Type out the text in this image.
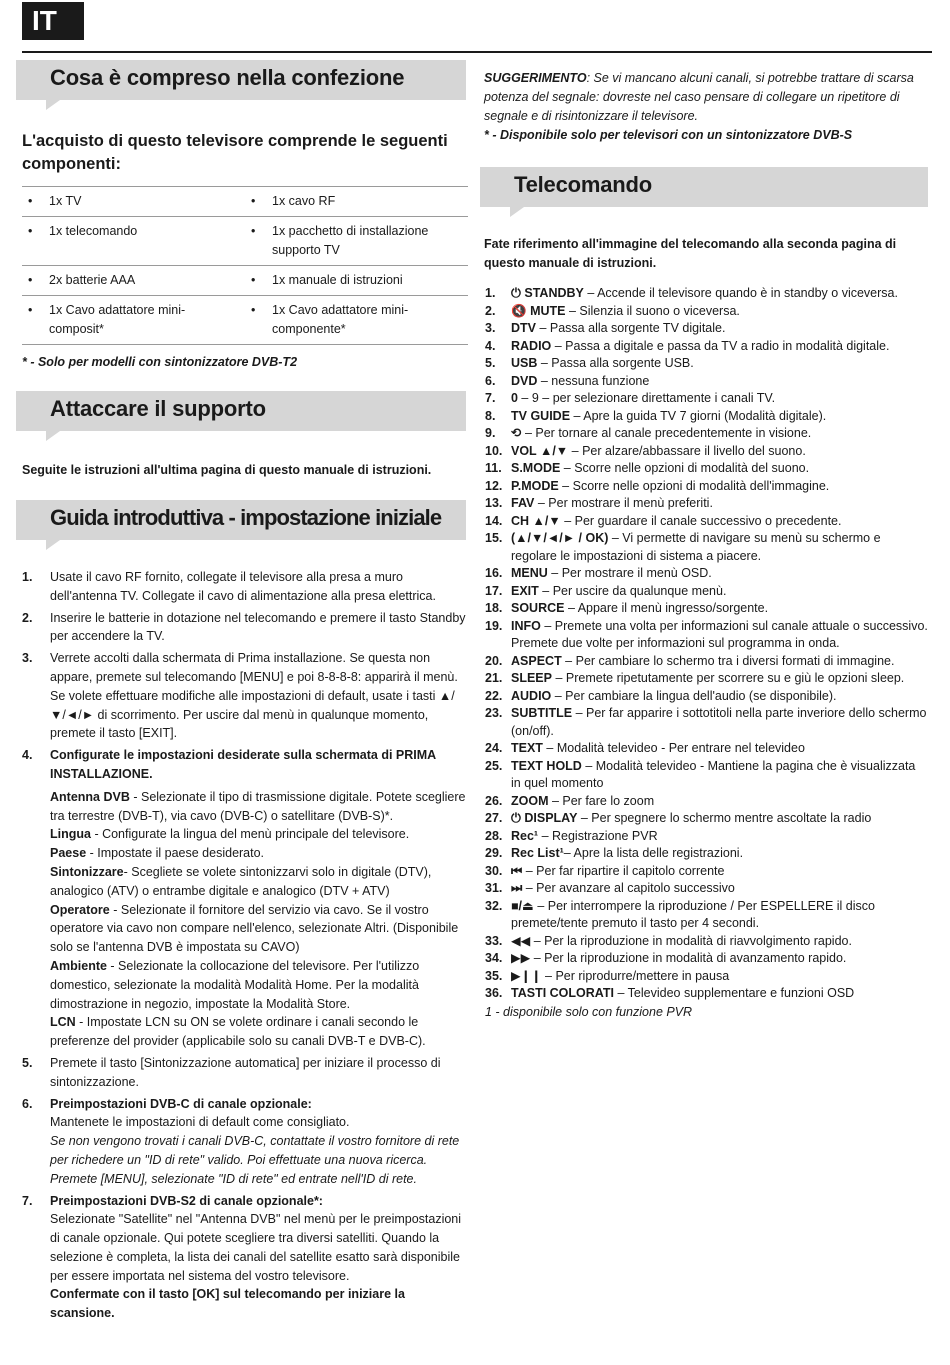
IT
Cosa è compreso nella confezione
L'acquisto di questo televisore comprende le seguenti componenti:
• 1x TV	• 1x cavo RF
• 1x telecomando	• 1x pacchetto di installazione supporto TV
• 2x batterie AAA	• 1x manuale di istruzioni
• 1x Cavo adattatore mini-composit*	• 1x Cavo adattatore mini-componente*
* - Solo per modelli con sintonizzatore DVB-T2
Attaccare il supporto
Seguite le istruzioni all'ultima pagina di questo manuale di istruzioni.
Guida introduttiva - impostazione iniziale
1. Usate il cavo RF fornito, collegate il televisore alla presa a muro dell'antenna TV. Collegate il cavo di alimentazione alla presa elettrica.
2. Inserire le batterie in dotazione nel telecomando e premere il tasto Standby per accendere la TV.
3. Verrete accolti dalla schermata di Prima installazione. Se questa non appare, premete sul telecomando [MENU] e poi 8-8-8-8: apparirà il menù. Se volete effettuare modifiche alle impostazioni di default, usate i tasti ▲/▼/◄/► di scorrimento. Per uscire dal menù in qualunque momento, premete il tasto [EXIT].
4. Configurate le impostazioni desiderate sulla schermata di PRIMA INSTALLAZIONE.
Antenna DVB - Selezionate il tipo di trasmissione digitale. Potete scegliere tra terrestre (DVB-T), via cavo (DVB-C) o satellitare (DVB-S)*.
Lingua - Configurate la lingua del menù principale del televisore.
Paese - Impostate il paese desiderato.
Sintonizzare- Scegliete se volete sintonizzarvi solo in digitale (DTV), analogico (ATV) o entrambe digitale e analogico (DTV + ATV)
Operatore - Selezionate il fornitore del servizio via cavo. Se il vostro operatore via cavo non compare nell'elenco, selezionate Altri. (Disponibile solo se l'antenna DVB è impostata su CAVO)
Ambiente - Selezionate la collocazione del televisore. Per l'utilizzo domestico, selezionate la modalità Modalità Home. Per la modalità dimostrazione in negozio, impostate la Modalità Store.
LCN - Impostate LCN su ON se volete ordinare i canali secondo le preferenze del provider (applicabile solo su canali DVB-T e DVB-C).
5. Premete il tasto [Sintonizzazione automatica] per iniziare il processo di sintonizzazione.
6. Preimpostazioni DVB-C di canale opzionale:
Mantenete le impostazioni di default come consigliato.
Se non vengono trovati i canali DVB-C, contattate il vostro fornitore di rete per richedere un "ID di rete" valido. Poi effettuate una nuova ricerca. Premete [MENU], selezionate "ID di rete" ed entrate nell'ID di rete.
7. Preimpostazioni DVB-S2 di canale opzionale*:
Selezionate "Satellite" nel "Antenna DVB" nel menù per le preimpostazioni di canale opzionale. Qui potete scegliere tra diversi satelliti. Quando la selezione è completa, la lista dei canali del satellite esatto sarà disponibile per essere importata nel sistema del vostro televisore.
Confermate con il tasto [OK] sul telecomando per iniziare la scansione.
SUGGERIMENTO: Se vi mancano alcuni canali, si potrebbe trattare di scarsa potenza del segnale: dovreste nel caso pensare di collegare un ripetitore di segnale e di risintonizzare il televisore.
* - Disponibile solo per televisori con un sintonizzatore DVB-S
Telecomando
Fate riferimento all'immagine del telecomando alla seconda pagina di questo manuale di istruzioni.
1. ⏻ STANDBY – Accende il televisore quando è in standby o viceversa.
2. 🔇 MUTE – Silenzia il suono o viceversa.
3. DTV – Passa alla sorgente TV digitale.
4. RADIO – Passa a digitale e passa da TV a radio in modalità digitale.
5. USB – Passa alla sorgente USB.
6. DVD – nessuna funzione
7. 0 – 9 – per selezionare direttamente i canali TV.
8. TV GUIDE – Apre la guida TV 7 giorni (Modalità digitale).
9. ⟲ – Per tornare al canale precedentemente in visione.
10. VOL ▲/▼ – Per alzare/abbassare il livello del suono.
11. S.MODE – Scorre nelle opzioni di modalità del suono.
12. P.MODE – Scorre nelle opzioni di modalità dell'immagine.
13. FAV – Per mostrare il menù preferiti.
14. CH ▲/▼ – Per guardare il canale successivo o precedente.
15. (▲/▼/◄/► / OK) – Vi permette di navigare su menù su schermo e regolare le impostazioni di sistema a piacere.
16. MENU – Per mostrare il menù OSD.
17. EXIT – Per uscire da qualunque menù.
18. SOURCE – Appare il menù ingresso/sorgente.
19. INFO – Premete una volta per informazioni sul canale attuale o successivo. Premete due volte per informazioni sul programma in onda.
20. ASPECT – Per cambiare lo schermo tra i diversi formati di immagine.
21. SLEEP – Premete ripetutamente per scorrere su e giù le opzioni sleep.
22. AUDIO – Per cambiare la lingua dell'audio (se disponibile).
23. SUBTITLE – Per far apparire i sottotitoli nella parte inveriore dello schermo (on/off).
24. TEXT – Modalità televideo - Per entrare nel televideo
25. TEXT HOLD – Modalità televideo - Mantiene la pagina che è visualizzata in quel momento
26. ZOOM – Per fare lo zoom
27. ⏻ DISPLAY – Per spegnere lo schermo mentre ascoltate la radio
28. Rec¹ – Registrazione PVR
29. Rec List¹– Apre la lista delle registrazioni.
30. ⏮ – Per far ripartire il capitolo corrente
31. ⏭ – Per avanzare al capitolo successivo
32. ■/⏏ – Per interrompere la riproduzione / Per ESPELLERE il disco premete/tente premuto il tasto per 4 secondi.
33. ◀◀ – Per la riproduzione in modalità di riavvolgimento rapido.
34. ▶▶ – Per la riproduzione in modalità di avanzamento rapido.
35. ▶❙❙ – Per riprodurre/mettere in pausa
36. TASTI COLORATI – Televideo supplementare e funzioni OSD
1 - disponibile solo con funzione PVR
